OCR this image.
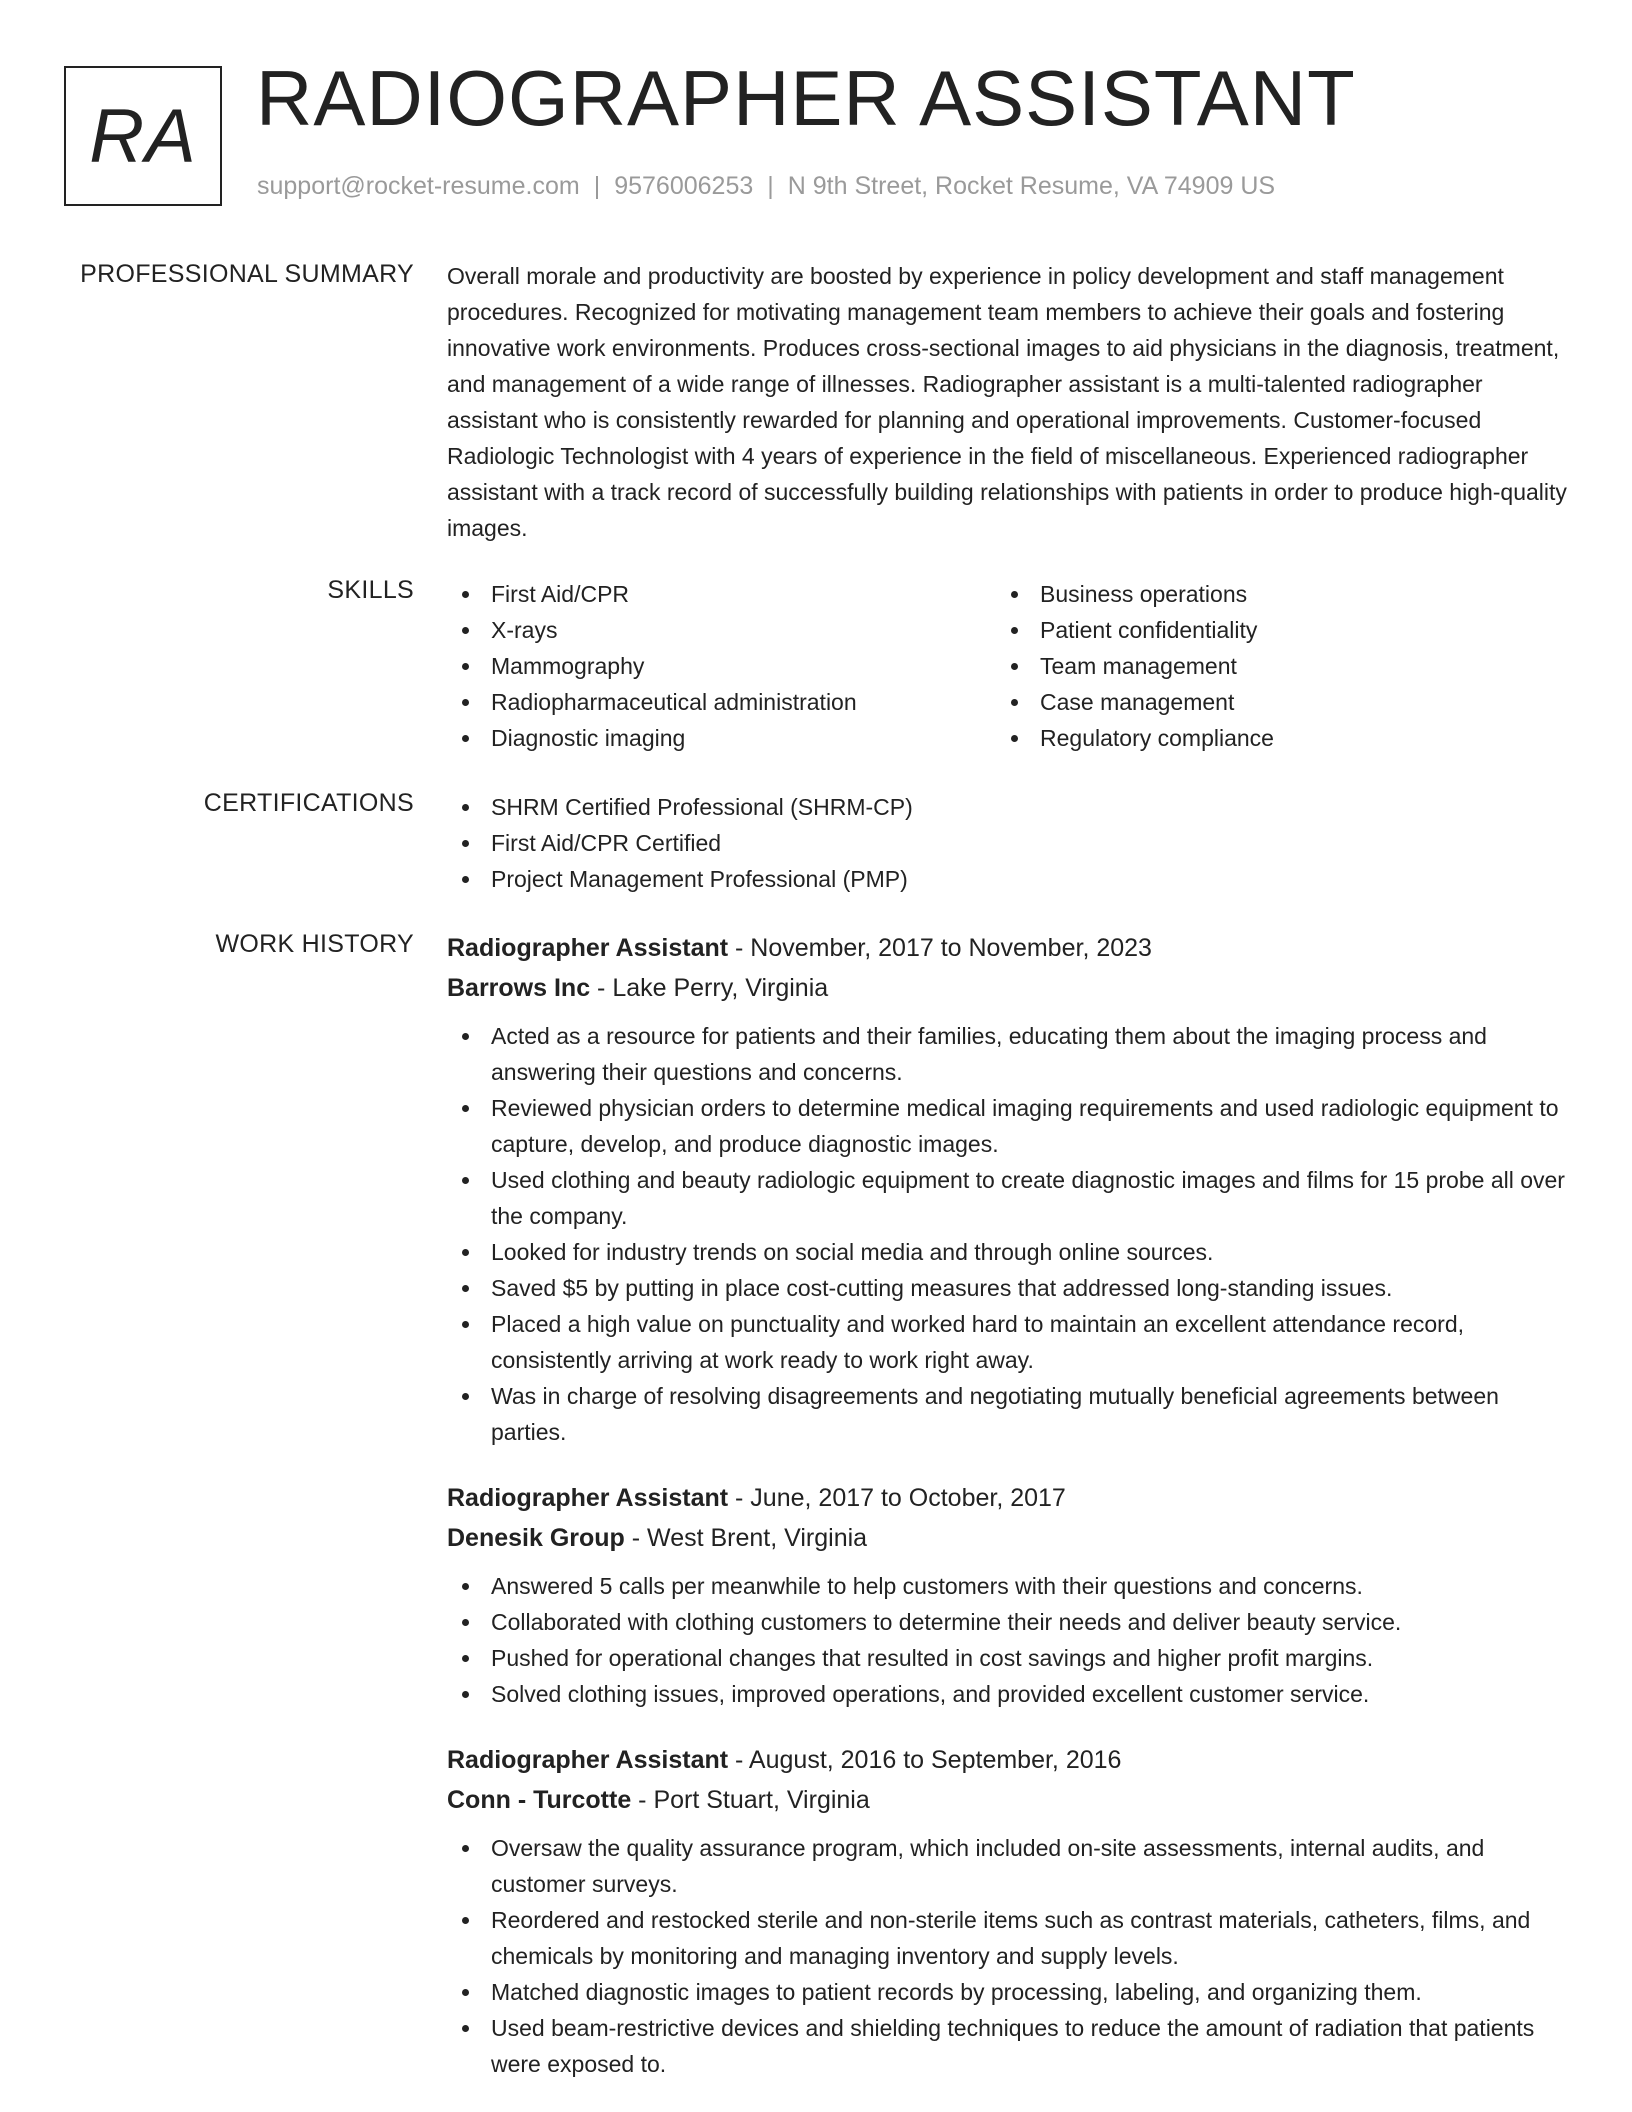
RA RADIOGRAPHER ASSISTANT
support@rocket-resume.com | 9576006253 | N 9th Street, Rocket Resume, VA 74909 US
PROFESSIONAL SUMMARY Overall morale and productivity are boosted by experience in policy development and staff management procedures. Recognized for motivating management team members to achieve their goals and fostering innovative work environments. Produces cross-sectional images to aid physicians in the diagnosis, treatment, and management of a wide range of illnesses. Radiographer assistant is a multi-talented radiographer assistant who is consistently rewarded for planning and operational improvements. Customer-focused Radiologic Technologist with 4 years of experience in the field of miscellaneous. Experienced radiographer assistant with a track record of successfully building relationships with patients in order to produce high-quality images.

SKILLS	First Aid/CPR
X-rays
Mammography
Radiopharmaceutical administration
Diagnostic imaging
Business operations
Patient confidentiality
Team management
Case management
Regulatory compliance
CERTIFICATIONS	SHRM Certified Professional (SHRM-CP)
First Aid/CPR Certified
Project Management Professional (PMP)
WORK HISTORY Radiographer Assistant - November, 2017 to November, 2023
Barrows Inc - Lake Perry, Virginia
Acted as a resource for patients and their families, educating them about the imaging process and answering their questions and concerns.
Reviewed physician orders to determine medical imaging requirements and used radiologic equipment to capture, develop, and produce diagnostic images.
Used clothing and beauty radiologic equipment to create diagnostic images and films for 15 probe all over the company.
Looked for industry trends on social media and through online sources.
Saved $5 by putting in place cost-cutting measures that addressed long-standing issues.
Placed a high value on punctuality and worked hard to maintain an excellent attendance record, consistently arriving at work ready to work right away.
Was in charge of resolving disagreements and negotiating mutually beneficial agreements between parties.
Radiographer Assistant - June, 2017 to October, 2017
Denesik Group - West Brent, Virginia
Answered 5 calls per meanwhile to help customers with their questions and concerns.
Collaborated with clothing customers to determine their needs and deliver beauty service.
Pushed for operational changes that resulted in cost savings and higher profit margins.
Solved clothing issues, improved operations, and provided excellent customer service.
Radiographer Assistant - August, 2016 to September, 2016
Conn - Turcotte - Port Stuart, Virginia
Oversaw the quality assurance program, which included on-site assessments, internal audits, and customer surveys.
Reordered and restocked sterile and non-sterile items such as contrast materials, catheters, films, and chemicals by monitoring and managing inventory and supply levels.
Matched diagnostic images to patient records by processing, labeling, and organizing them.
Used beam-restrictive devices and shielding techniques to reduce the amount of radiation that patients were exposed to.
